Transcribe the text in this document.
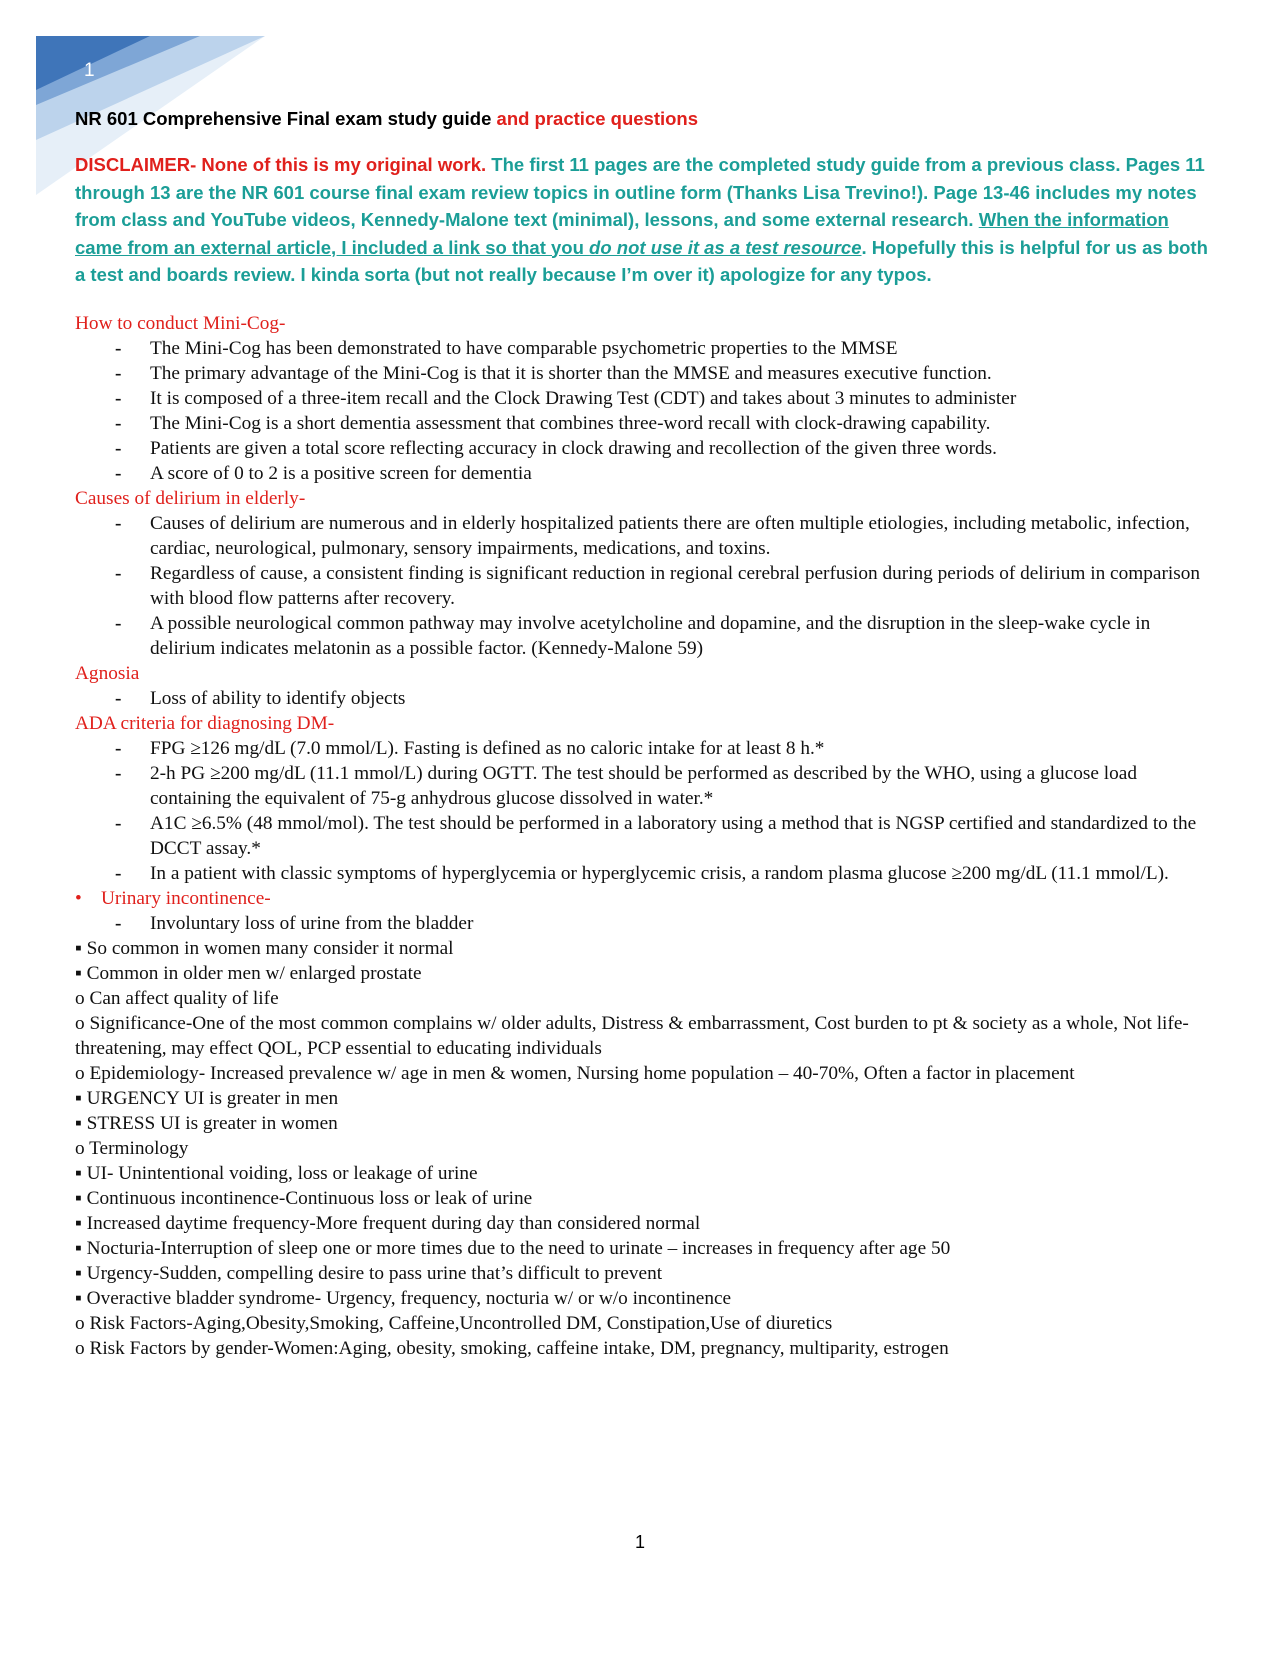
1

NR 601 Comprehensive Final exam study guide and practice questions

DISCLAIMER- None of this is my original work. The first 11 pages are the completed study guide from a previous class. Pages 11 through 13 are the NR 601 course final exam review topics in outline form (Thanks Lisa Trevino!). Page 13-46 includes my notes from class and YouTube videos, Kennedy-Malone text (minimal), lessons, and some external research. When the information came from an external article, I included a link so that you do not use it as a test resource. Hopefully this is helpful for us as both a test and boards review. I kinda sorta (but not really because I’m over it) apologize for any typos.

How to conduct Mini-Cog-
- The Mini-Cog has been demonstrated to have comparable psychometric properties to the MMSE
- The primary advantage of the Mini-Cog is that it is shorter than the MMSE and measures executive function.
- It is composed of a three-item recall and the Clock Drawing Test (CDT) and takes about 3 minutes to administer
- The Mini-Cog is a short dementia assessment that combines three-word recall with clock-drawing capability.
- Patients are given a total score reflecting accuracy in clock drawing and recollection of the given three words.
- A score of 0 to 2 is a positive screen for dementia
Causes of delirium in elderly-
- Causes of delirium are numerous and in elderly hospitalized patients there are often multiple etiologies, including metabolic, infection, cardiac, neurological, pulmonary, sensory impairments, medications, and toxins.
- Regardless of cause, a consistent finding is significant reduction in regional cerebral perfusion during periods of delirium in comparison with blood flow patterns after recovery.
- A possible neurological common pathway may involve acetylcholine and dopamine, and the disruption in the sleep-wake cycle in delirium indicates melatonin as a possible factor. (Kennedy-Malone 59)
Agnosia
- Loss of ability to identify objects
ADA criteria for diagnosing DM-
- FPG ≥126 mg/dL (7.0 mmol/L). Fasting is defined as no caloric intake for at least 8 h.*
- 2-h PG ≥200 mg/dL (11.1 mmol/L) during OGTT. The test should be performed as described by the WHO, using a glucose load containing the equivalent of 75-g anhydrous glucose dissolved in water.*
- A1C ≥6.5% (48 mmol/mol). The test should be performed in a laboratory using a method that is NGSP certified and standardized to the DCCT assay.*
- In a patient with classic symptoms of hyperglycemia or hyperglycemic crisis, a random plasma glucose ≥200 mg/dL (11.1 mmol/L).
• Urinary incontinence-
- Involuntary loss of urine from the bladder

▪ So common in women many consider it normal

▪ Common in older men w/ enlarged prostate

o Can affect quality of life

o Significance-One of the most common complains w/ older adults, Distress & embarrassment, Cost burden to pt & society as a whole, Not life-threatening, may effect QOL, PCP essential to educating individuals

o Epidemiology- Increased prevalence w/ age in men & women, Nursing home population – 40-70%, Often a factor in placement

▪ URGENCY UI is greater in men

▪ STRESS UI is greater in women

o Terminology

▪ UI- Unintentional voiding, loss or leakage of urine

▪ Continuous incontinence-Continuous loss or leak of urine

▪ Increased daytime frequency-More frequent during day than considered normal

▪ Nocturia-Interruption of sleep one or more times due to the need to urinate – increases in frequency after age 50

▪ Urgency-Sudden, compelling desire to pass urine that’s difficult to prevent

▪ Overactive bladder syndrome- Urgency, frequency, nocturia w/ or w/o incontinence

o Risk Factors-Aging,Obesity,Smoking, Caffeine,Uncontrolled DM, Constipation,Use of diuretics

o Risk Factors by gender-Women:Aging, obesity, smoking, caffeine intake, DM, pregnancy, multiparity, estrogen

1
